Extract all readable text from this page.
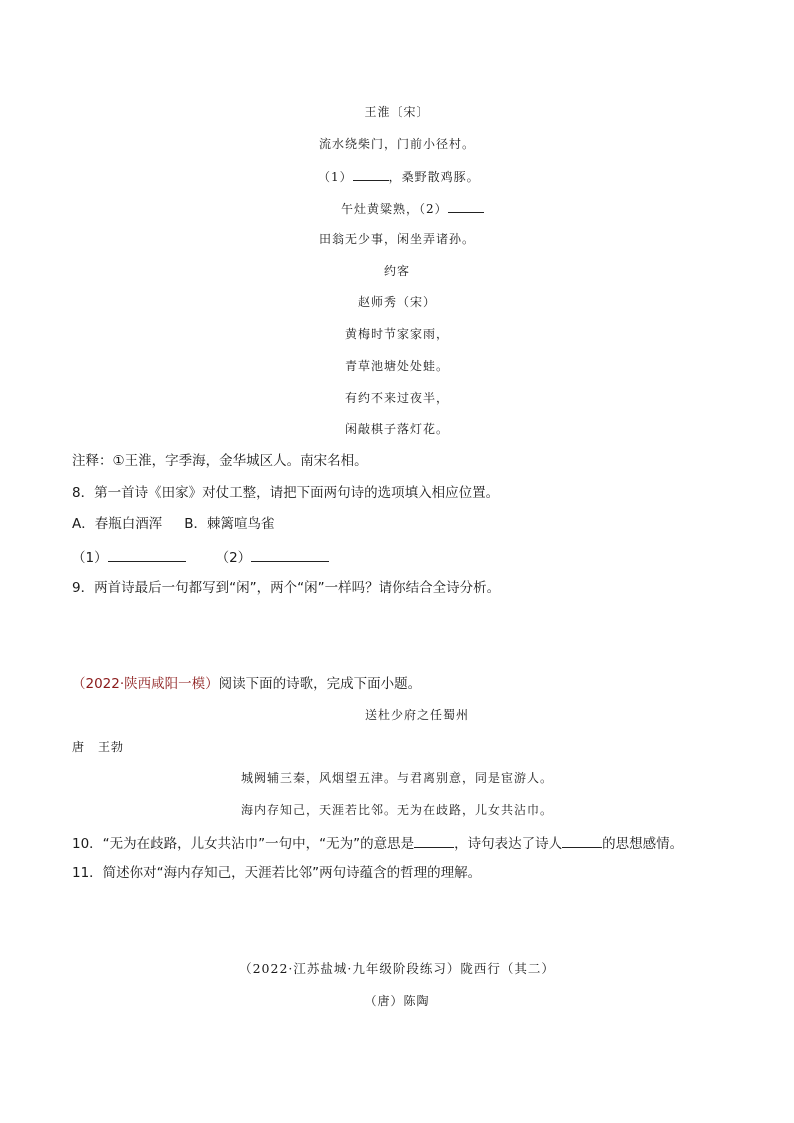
王淮〔宋〕
流水绕柴门，门前小径村。
（1）	，桑野散鸡豚。
午灶黄粱熟，（2）
田翁无少事，闲坐弄诸孙。
约客
赵师秀（宋）
黄梅时节家家雨，
青草池塘处处蛙。
有约不来过夜半，
闲敲棋子落灯花。
注释：①王淮，字季海，金华城区人。南宋名相。
8．第一首诗《田家》对仗工整，请把下面两句诗的选项填入相应位置。
A．春瓶白酒浑 B．棘篱喧鸟雀
（1）	（2）
9．两首诗最后一句都写到“闲”，两个“闲”一样吗？请你结合全诗分析。
（2022·陕西咸阳一模）阅读下面的诗歌，完成下面小题。
送杜少府之任蜀州
唐　王勃
城阙辅三秦，风烟望五津。与君离别意，同是宦游人。
海内存知己，天涯若比邻。无为在歧路，儿女共沾巾。
10．“无为在歧路，儿女共沾巾”一句中，“无为”的意思是	，诗句表达了诗人	的思想感情。
11．简述你对“海内存知己，天涯若比邻”两句诗蕴含的哲理的理解。
（2022·江苏盐城·九年级阶段练习）陇西行（其二）
（唐）陈陶
